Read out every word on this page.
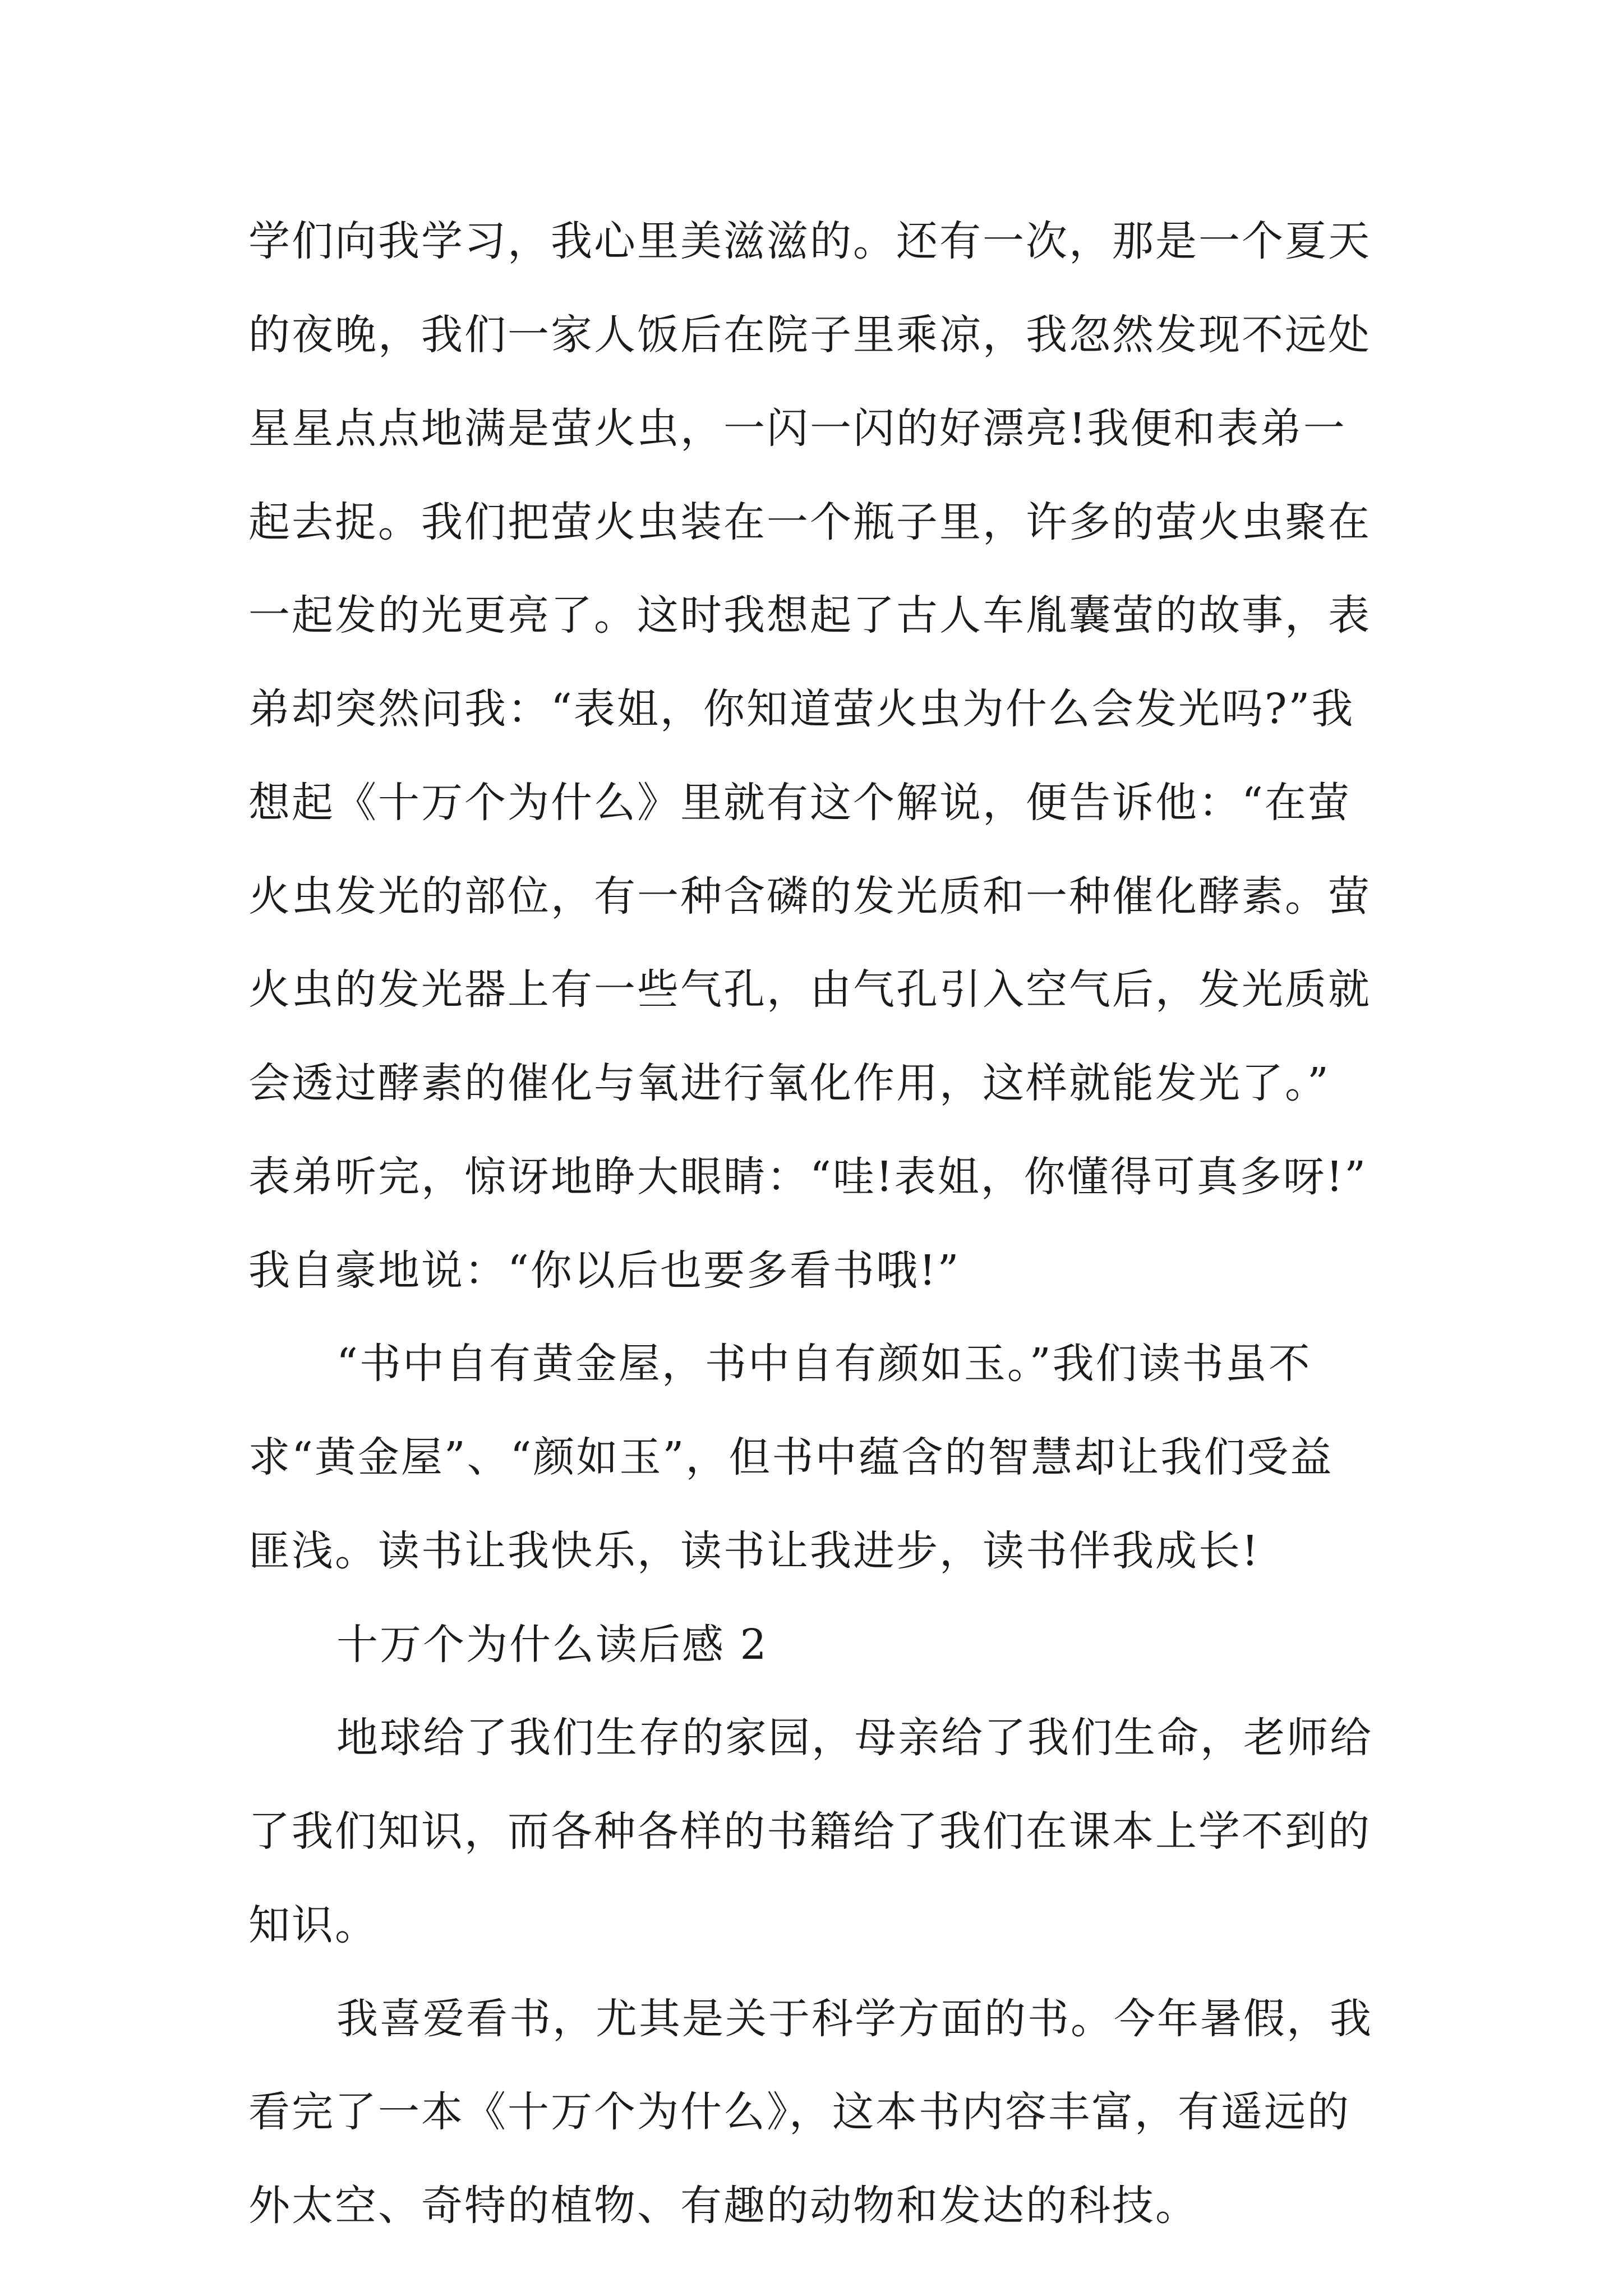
学们向我学习，我心里美滋滋的。还有一次，那是一个夏天
的夜晚，我们一家人饭后在院子里乘凉，我忽然发现不远处
星星点点地满是萤火虫，一闪一闪的好漂亮!我便和表弟一
起去捉。我们把萤火虫装在一个瓶子里，许多的萤火虫聚在
一起发的光更亮了。这时我想起了古人车胤囊萤的故事，表
弟却突然问我：“表姐，你知道萤火虫为什么会发光吗?”我
想起《十万个为什么》里就有这个解说，便告诉他：“在萤
火虫发光的部位，有一种含磷的发光质和一种催化酵素。萤
火虫的发光器上有一些气孔，由气孔引入空气后，发光质就
会透过酵素的催化与氧进行氧化作用，这样就能发光了。”
表弟听完，惊讶地睁大眼睛：“哇!表姐，你懂得可真多呀!”
我自豪地说：“你以后也要多看书哦!”
“书中自有黄金屋，书中自有颜如玉。”我们读书虽不
求“黄金屋”、“颜如玉”，但书中蕴含的智慧却让我们受益
匪浅。读书让我快乐，读书让我进步，读书伴我成长!
十万个为什么读后感 2
地球给了我们生存的家园，母亲给了我们生命，老师给
了我们知识，而各种各样的书籍给了我们在课本上学不到的
知识。
我喜爱看书，尤其是关于科学方面的书。今年暑假，我
看完了一本《十万个为什么》，这本书内容丰富，有遥远的
外太空、奇特的植物、有趣的动物和发达的科技。
